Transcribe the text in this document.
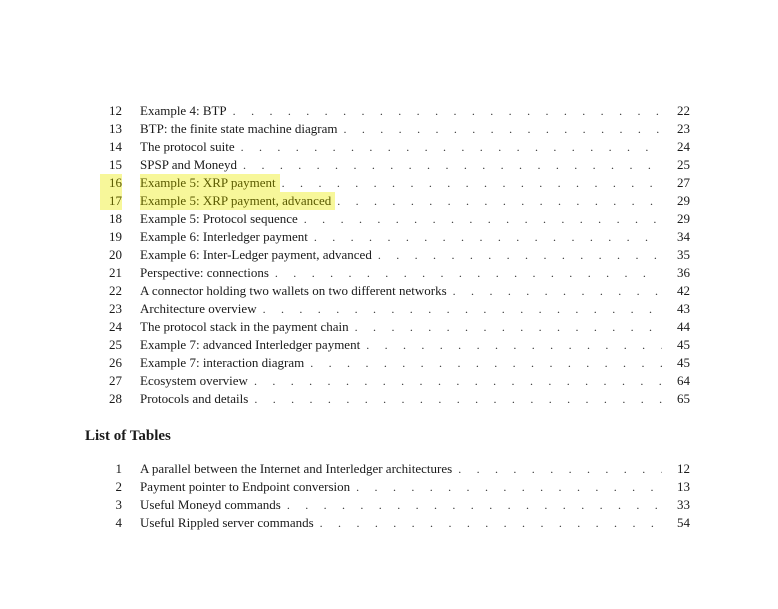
12 Example 4: BTP . . .	22
13 BTP: the finite state machine diagram . . .	23
14 The protocol suite . . .	24
15 SPSP and Moneyd . . .	25
16 Example 5: XRP payment . . .	27
17 Example 5: XRP payment, advanced . . .	29
18 Example 5: Protocol sequence . . .	29
19 Example 6: Interledger payment . . .	34
20 Example 6: Inter-Ledger payment, advanced . . .	35
21 Perspective: connections . . .	36
22 A connector holding two wallets on two different networks . . .	42
23 Architecture overview . . .	43
24 The protocol stack in the payment chain . . .	44
25 Example 7: advanced Interledger payment . . .	45
26 Example 7: interaction diagram . . .	45
27 Ecosystem overview . . .	64
28 Protocols and details . . .	65
List of Tables
1 A parallel between the Internet and Interledger architectures . . .	12
2 Payment pointer to Endpoint conversion . . .	13
3 Useful Moneyd commands . . .	33
4 Useful Rippled server commands . . .	54
